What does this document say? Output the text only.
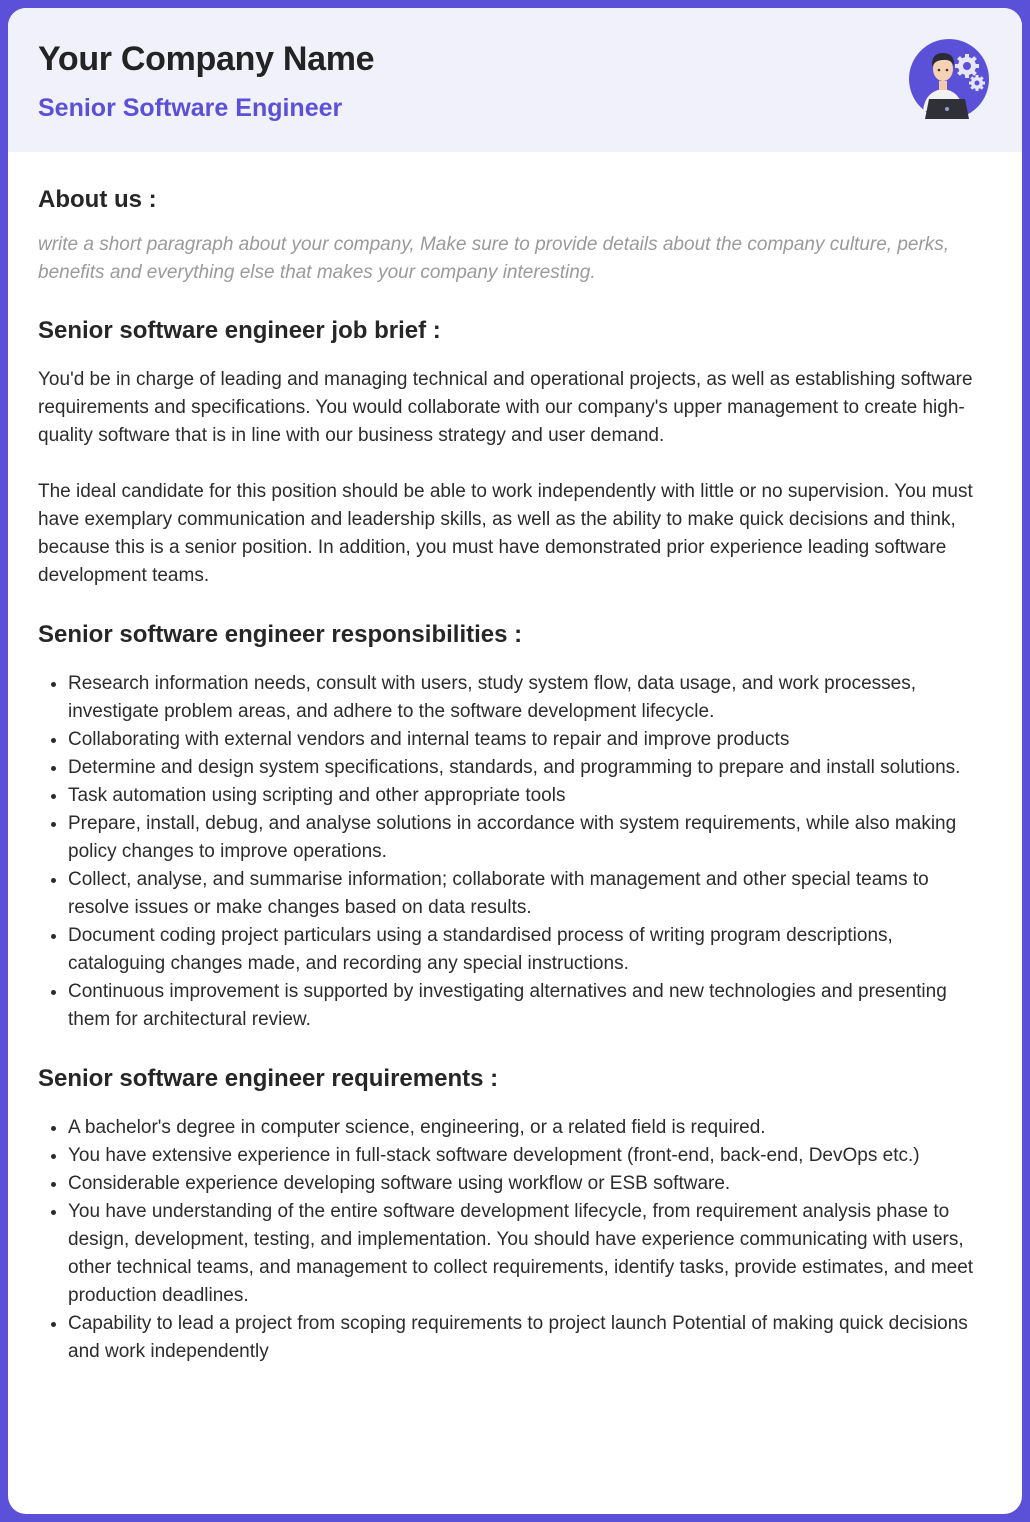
Your Company Name
Senior Software Engineer
About us :

write a short paragraph about your company, Make sure to provide details about the company culture, perks, benefits and everything else that makes your company interesting.

Senior software engineer job brief :

You'd be in charge of leading and managing technical and operational projects, as well as establishing software requirements and specifications. You would collaborate with our company's upper management to create high-quality software that is in line with our business strategy and user demand.

The ideal candidate for this position should be able to work independently with little or no supervision. You must have exemplary communication and leadership skills, as well as the ability to make quick decisions and think, because this is a senior position. In addition, you must have demonstrated prior experience leading software development teams.

Senior software engineer responsibilities :
• Research information needs, consult with users, study system flow, data usage, and work processes, investigate problem areas, and adhere to the software development lifecycle.
• Collaborating with external vendors and internal teams to repair and improve products
• Determine and design system specifications, standards, and programming to prepare and install solutions.
• Task automation using scripting and other appropriate tools
• Prepare, install, debug, and analyse solutions in accordance with system requirements, while also making policy changes to improve operations.
• Collect, analyse, and summarise information; collaborate with management and other special teams to resolve issues or make changes based on data results.
• Document coding project particulars using a standardised process of writing program descriptions, cataloguing changes made, and recording any special instructions.
• Continuous improvement is supported by investigating alternatives and new technologies and presenting them for architectural review.
Senior software engineer requirements :
• A bachelor's degree in computer science, engineering, or a related field is required.
• You have extensive experience in full-stack software development (front-end, back-end, DevOps etc.)
• Considerable experience developing software using workflow or ESB software.
• You have understanding of the entire software development lifecycle, from requirement analysis phase to design, development, testing, and implementation. You should have experience communicating with users, other technical teams, and management to collect requirements, identify tasks, provide estimates, and meet production deadlines.
• Capability to lead a project from scoping requirements to project launch Potential of making quick decisions and work independently
